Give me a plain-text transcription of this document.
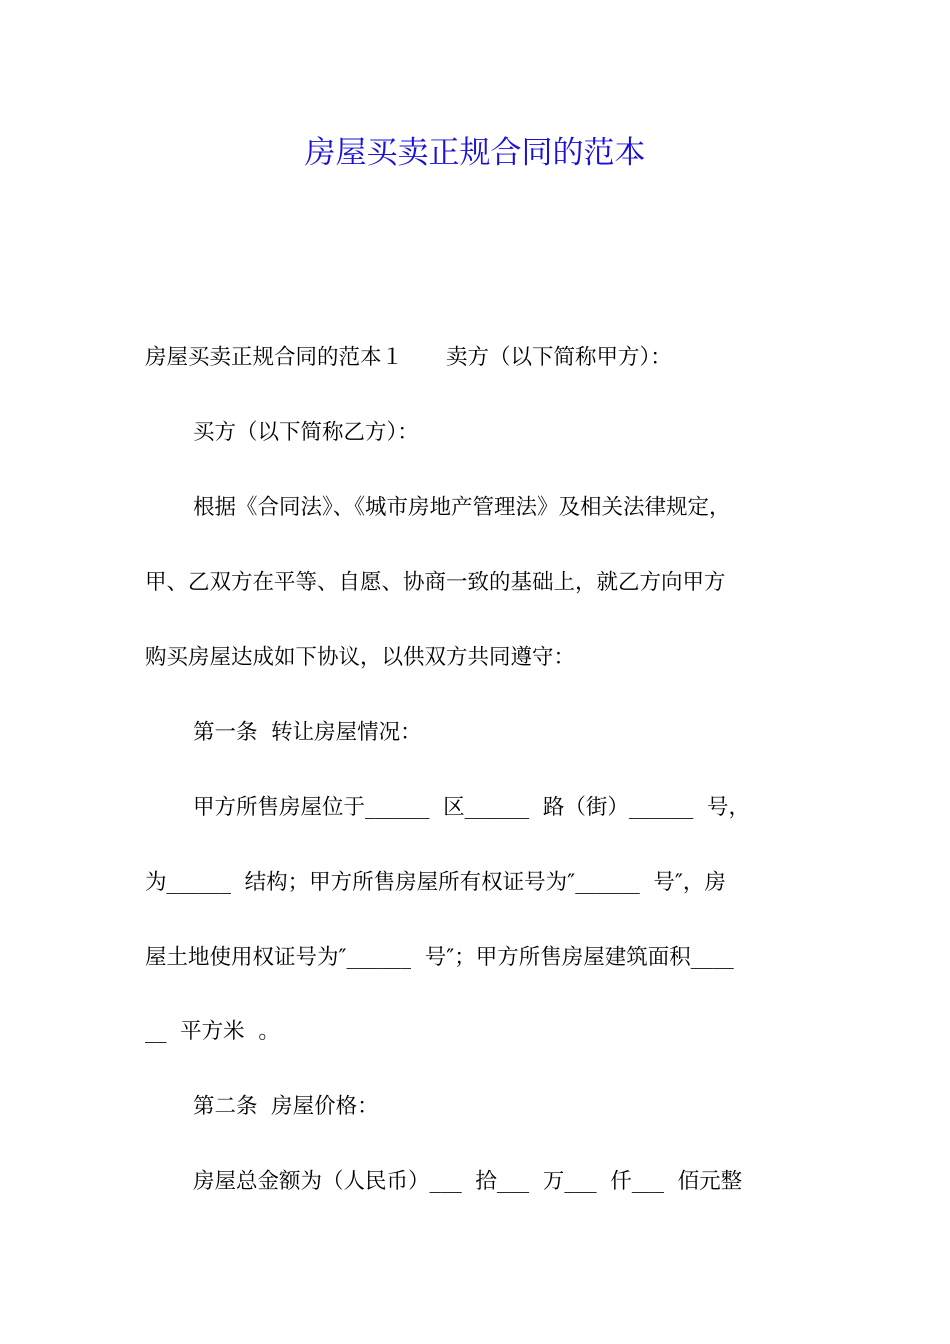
房屋买卖正规合同的范本

房屋买卖正规合同的范本１　　卖方（以下简称甲方）：

买方（以下简称乙方）：

根据《合同法》、《城市房地产管理法》及相关法律规定，

甲、乙双方在平等、自愿、协商一致的基础上，就乙方向甲方

购买房屋达成如下协议，以供双方共同遵守：

第一条  转让房屋情况：

甲方所售房屋位于______  区______  路（街）______  号，

为______  结构；甲方所售房屋所有权证号为″______  号″，房

屋土地使用权证号为″______  号″；甲方所售房屋建筑面积____

__  平方米  。

第二条  房屋价格：

房屋总金额为（人民币）___  拾___  万___  仟___  佰元整
